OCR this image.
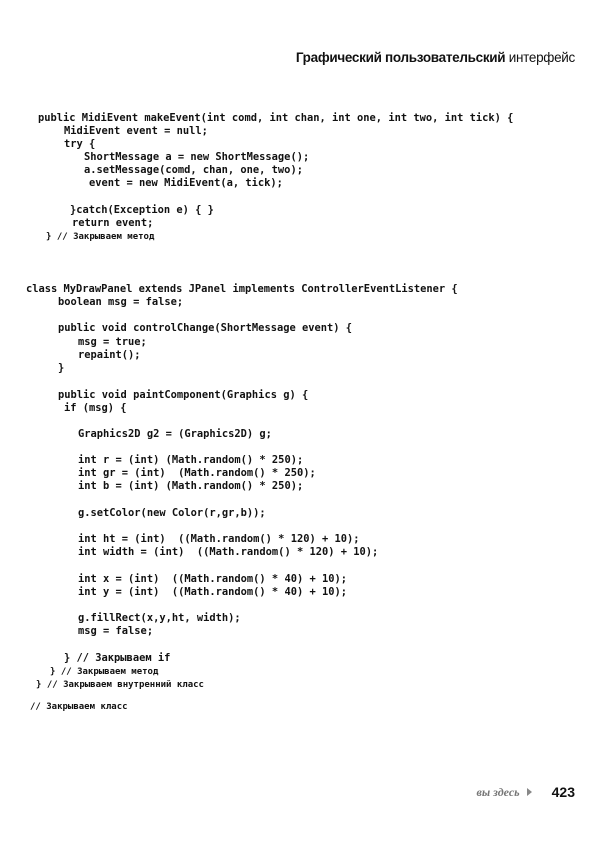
Графический пользовательский интерфейс
public MidiEvent makeEvent(int comd, int chan, int one, int two, int tick) {
MidiEvent event = null;
try {
ShortMessage a = new ShortMessage();
a.setMessage(comd, chan, one, two);
event = new MidiEvent(a, tick);
}catch(Exception e) { }
return event;
} // Закрываем метод
class MyDrawPanel extends JPanel implements ControllerEventListener {
boolean msg = false;
public void controlChange(ShortMessage event) {
msg = true;
repaint();
}
public void paintComponent(Graphics g) {
if (msg) {
Graphics2D g2 = (Graphics2D) g;
int r = (int) (Math.random() * 250);
int gr = (int)  (Math.random() * 250);
int b = (int) (Math.random() * 250);
g.setColor(new Color(r,gr,b));
int ht = (int)  ((Math.random() * 120) + 10);
int width = (int)  ((Math.random() * 120) + 10);
int x = (int)  ((Math.random() * 40) + 10);
int y = (int)  ((Math.random() * 40) + 10);
g.fillRect(x,y,ht, width);
msg = false;
} // Закрываем if
} // Закрываем метод
} // Закрываем внутренний класс
// Закрываем класс
вы здесь 423
